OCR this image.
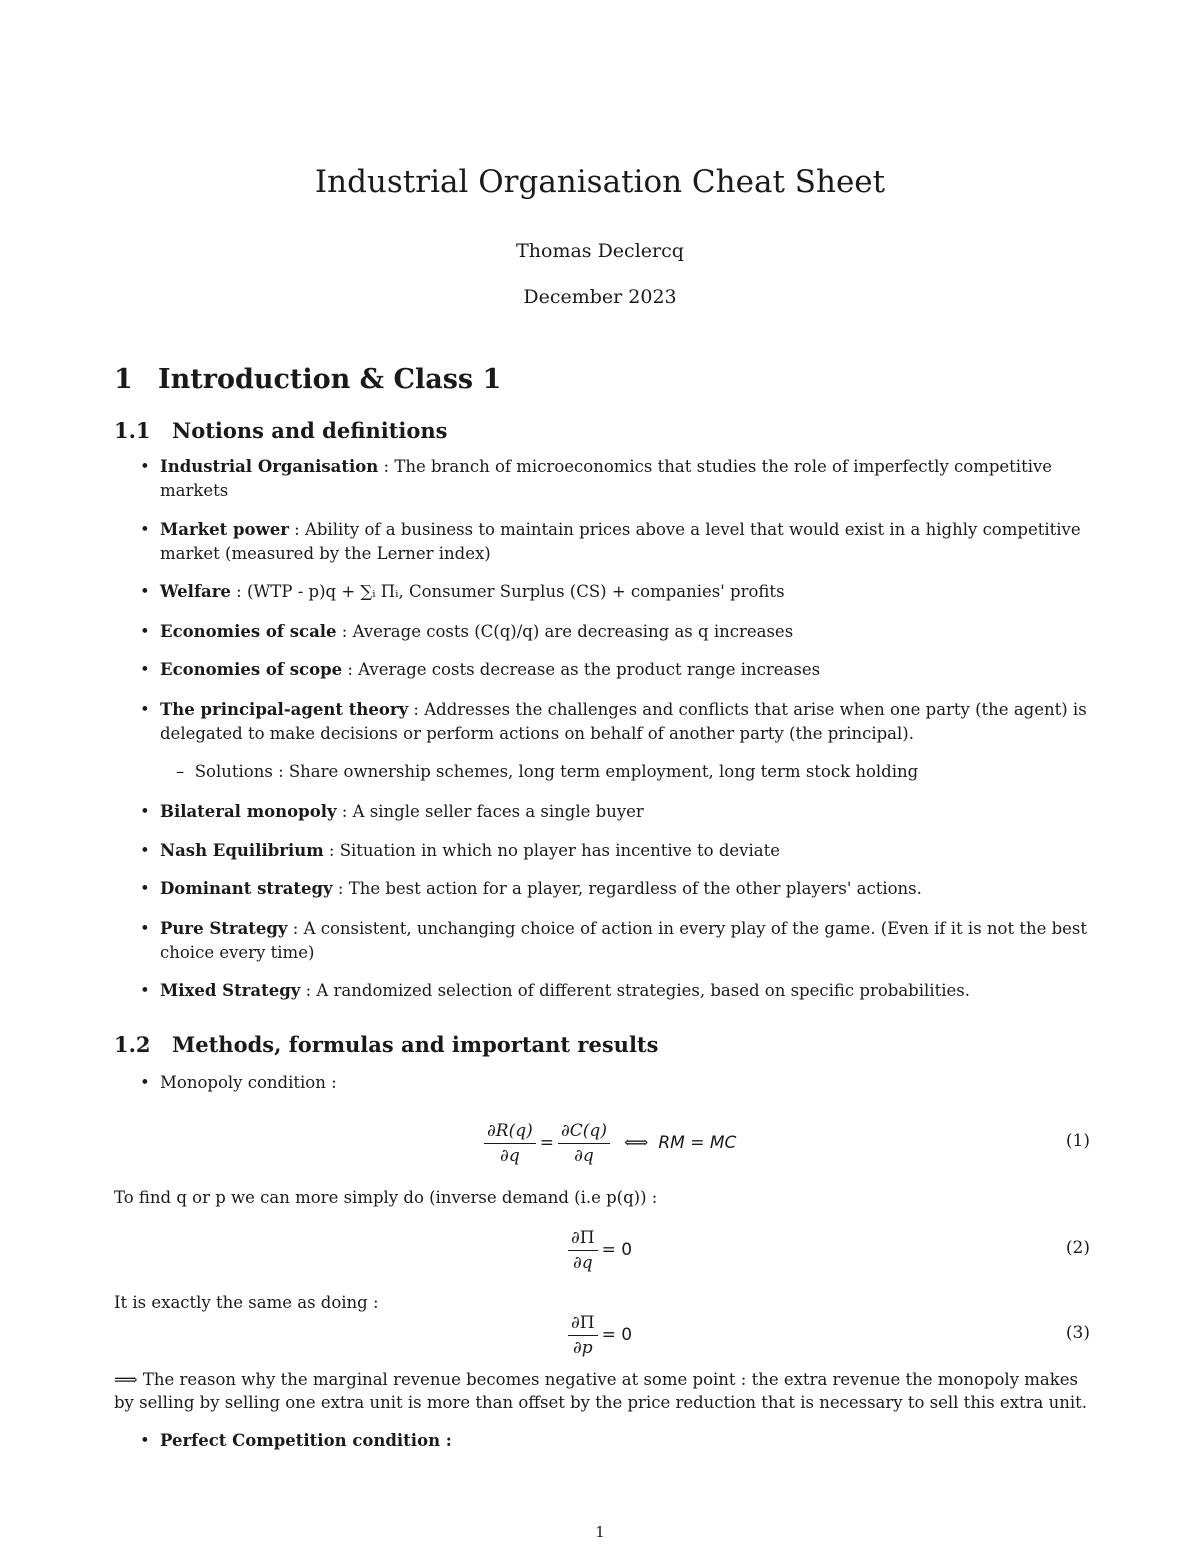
Industrial Organisation Cheat Sheet
Thomas Declercq
December 2023
1 Introduction & Class 1
1.1 Notions and definitions
• Industrial Organisation : The branch of microeconomics that studies the role of imperfectly competitive markets
• Market power : Ability of a business to maintain prices above a level that would exist in a highly competitive market (measured by the Lerner index)
• Welfare : (WTP - p)q + ∑ᵢ Πᵢ, Consumer Surplus (CS) + companies' profits
• Economies of scale : Average costs (C(q)/q) are decreasing as q increases
• Economies of scope : Average costs decrease as the product range increases
• The principal-agent theory : Addresses the challenges and conflicts that arise when one party (the agent) is delegated to make decisions or perform actions on behalf of another party (the principal).
– Solutions : Share ownership schemes, long term employment, long term stock holding
• Bilateral monopoly : A single seller faces a single buyer
• Nash Equilibrium : Situation in which no player has incentive to deviate
• Dominant strategy : The best action for a player, regardless of the other players' actions.
• Pure Strategy : A consistent, unchanging choice of action in every play of the game. (Even if it is not the best choice every time)
• Mixed Strategy : A randomized selection of different strategies, based on specific probabilities.
1.2 Methods, formulas and important results
• Monopoly condition :
$\frac{\partial R(q)}{\partial q} = \frac{\partial C(q)}{\partial q}$ ⟺ RM = MC	(1)
To find q or p we can more simply do (inverse demand (i.e p(q)) :
$\frac{\partial\Pi}{\partial q} = 0$	(2)
It is exactly the same as doing :
$\frac{\partial\Pi}{\partial p} = 0$	(3)
⟹ The reason why the marginal revenue becomes negative at some point : the extra revenue the monopoly makes by selling by selling one extra unit is more than offset by the price reduction that is necessary to sell this extra unit.
• Perfect Competition condition :
1
